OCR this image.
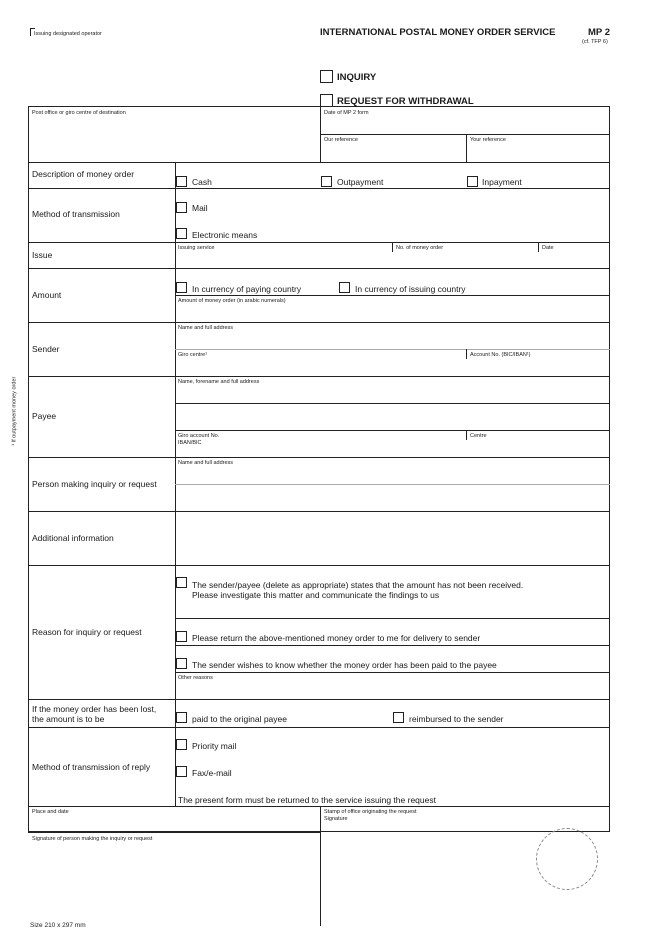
Issuing designated operator	INTERNATIONAL POSTAL MONEY ORDER SERVICE	MP 2
(cf. TFP 6)
INQUIRY
REQUEST FOR WITHDRAWAL
Post office or giro centre of destination	Date of MP 2 form
Our reference	Your reference
Description of money order
Cash	Outpayment	Inpayment
Method of transmission
Mail
Electronic means
Issue
Issuing service	No. of money order	Date
Amount
In currency of paying country	In currency of issuing country
Amount of money order (in arabic numerals)
Sender
Name and full address
Giro centre¹	Account No. (BIC/IBAN¹)
Payee
Name, forename and full address
Giro account No.
IBAN/BIC
Centre
Person making inquiry or request
Name and full address
Additional information
Reason for inquiry or request
The sender/payee (delete as appropriate) states that the amount has not been received.
Please investigate this matter and communicate the findings to us
Please return the above-mentioned money order to me for delivery to sender
The sender wishes to know whether the money order has been paid to the payee
Other reasons
If the money order has been lost,
the amount is to be	paid to the original payee	reimbursed to the sender
Method of transmission of reply
Priority mail
Fax/e-mail
The present form must be returned to the service issuing the request
Place and date
Signature of person making the inquiry or request
Stamp of office originating the request
Signature
¹ If outpayment money order
Size 210 x 297 mm
